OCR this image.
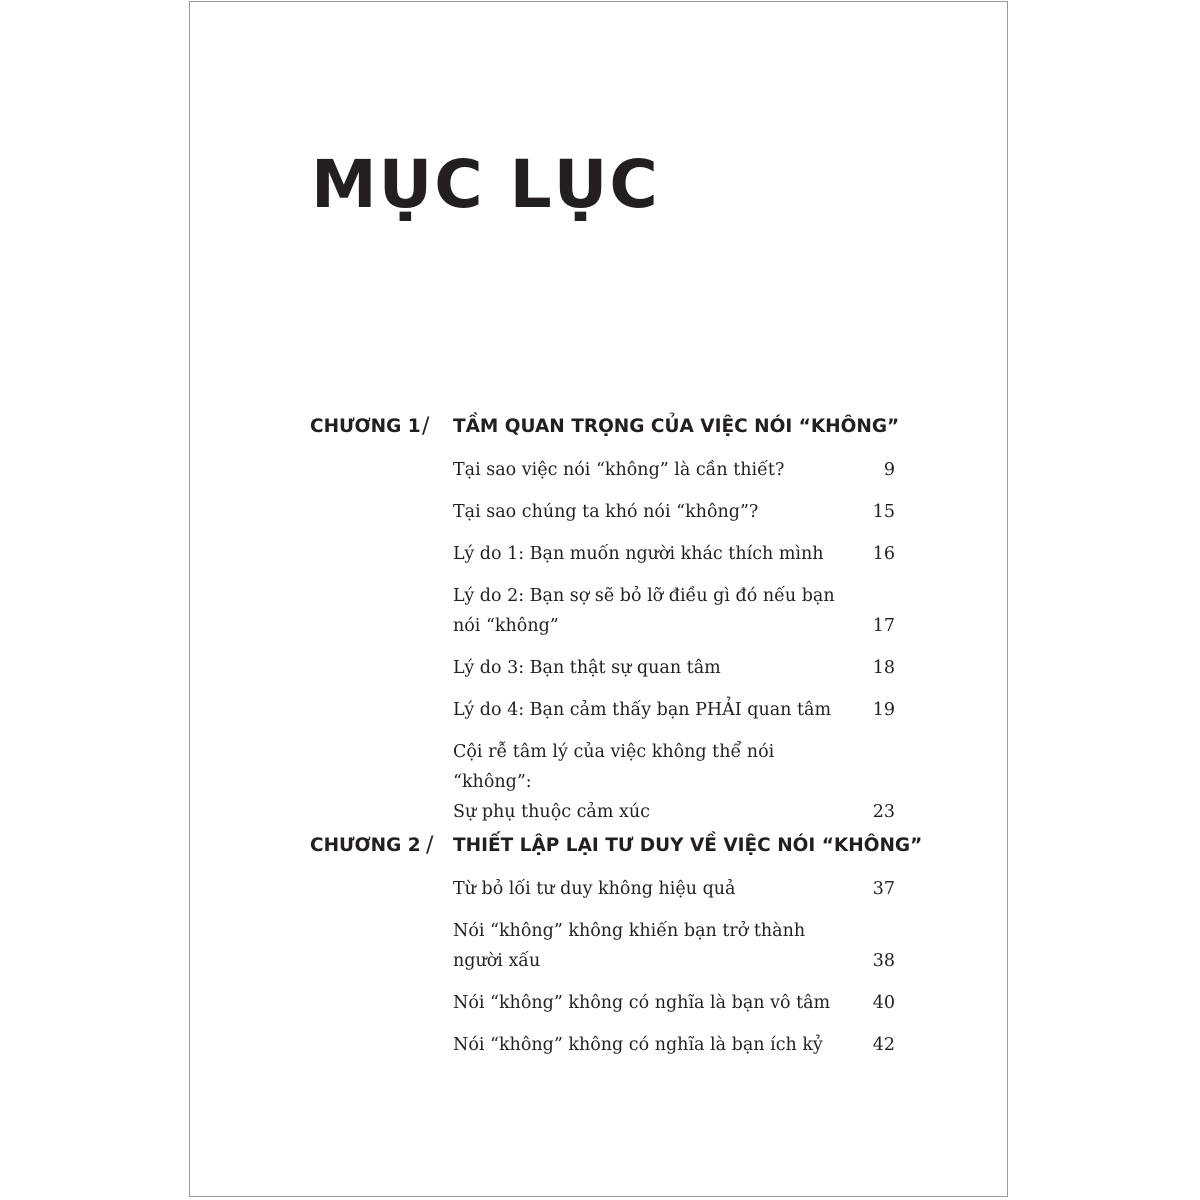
MỤC LỤC
CHƯƠNG 1 / TẦM QUAN TRỌNG CỦA VIỆC NÓI “KHÔNG”
Tại sao việc nói “không” là cần thiết?	9
Tại sao chúng ta khó nói “không”?	15
Lý do 1: Bạn muốn người khác thích mình	16
Lý do 2: Bạn sợ sẽ bỏ lỡ điều gì đó nếu bạn
nói “không”	17
Lý do 3: Bạn thật sự quan tâm	18
Lý do 4: Bạn cảm thấy bạn PHẢI quan tâm	19
Cội rễ tâm lý của việc không thể nói “không”:
Sự phụ thuộc cảm xúc	23
CHƯƠNG 2 / THIẾT LẬP LẠI TƯ DUY VỀ VIỆC NÓI “KHÔNG”
Từ bỏ lối tư duy không hiệu quả	37
Nói “không” không khiến bạn trở thành
người xấu	38
Nói “không” không có nghĩa là bạn vô tâm	40
Nói “không” không có nghĩa là bạn ích kỷ	42
